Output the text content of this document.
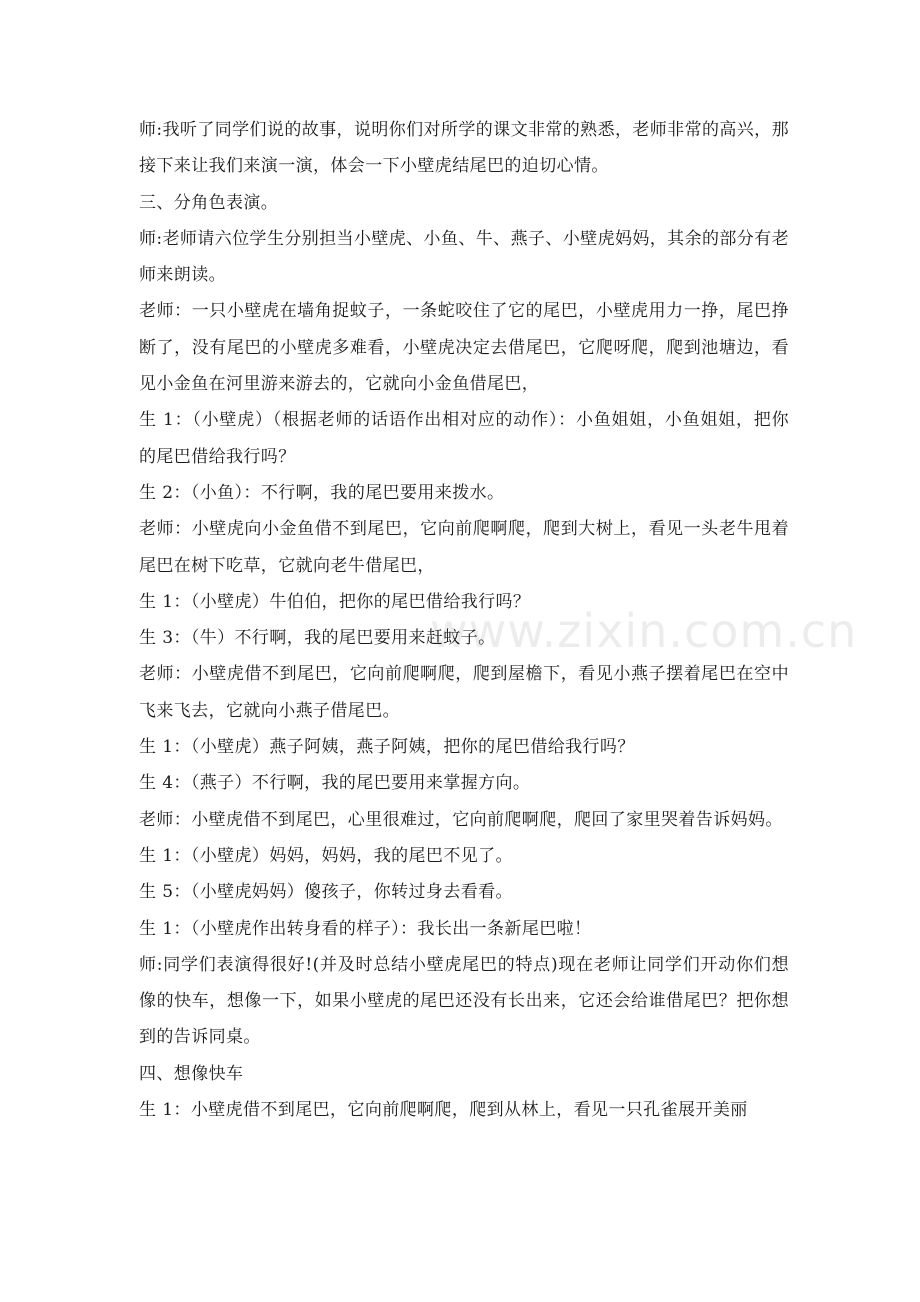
www.zixin.com.cn

师:我听了同学们说的故事，说明你们对所学的课文非常的熟悉，老师非常的高兴，那接下来让我们来演一演，体会一下小壁虎结尾巴的迫切心情。

三、分角色表演。

师:老师请六位学生分别担当小壁虎、小鱼、牛、燕子、小壁虎妈妈，其余的部分有老师来朗读。

老师：一只小壁虎在墙角捉蚊子，一条蛇咬住了它的尾巴，小壁虎用力一挣，尾巴挣断了，没有尾巴的小壁虎多难看，小壁虎决定去借尾巴，它爬呀爬，爬到池塘边，看见小金鱼在河里游来游去的，它就向小金鱼借尾巴，

生 1：（小壁虎）（根据老师的话语作出相对应的动作）：小鱼姐姐，小鱼姐姐，把你的尾巴借给我行吗？

生 2：（小鱼）：不行啊，我的尾巴要用来拨水。

老师：小壁虎向小金鱼借不到尾巴，它向前爬啊爬，爬到大树上，看见一头老牛甩着尾巴在树下吃草，它就向老牛借尾巴，

生 1：（小壁虎）牛伯伯，把你的尾巴借给我行吗？

生 3：（牛）不行啊，我的尾巴要用来赶蚊子。

老师：小壁虎借不到尾巴，它向前爬啊爬，爬到屋檐下，看见小燕子摆着尾巴在空中飞来飞去，它就向小燕子借尾巴。

生 1：（小壁虎）燕子阿姨，燕子阿姨，把你的尾巴借给我行吗？

生 4：（燕子）不行啊，我的尾巴要用来掌握方向。

老师：小壁虎借不到尾巴，心里很难过，它向前爬啊爬，爬回了家里哭着告诉妈妈。

生 1：（小壁虎）妈妈，妈妈，我的尾巴不见了。

生 5：（小壁虎妈妈）傻孩子，你转过身去看看。

生 1：（小壁虎作出转身看的样子）：我长出一条新尾巴啦！

师:同学们表演得很好!(并及时总结小壁虎尾巴的特点)现在老师让同学们开动你们想像的快车，想像一下，如果小壁虎的尾巴还没有长出来，它还会给谁借尾巴？把你想到的告诉同桌。

四、想像快车

生 1：小壁虎借不到尾巴，它向前爬啊爬，爬到从林上，看见一只孔雀展开美丽
